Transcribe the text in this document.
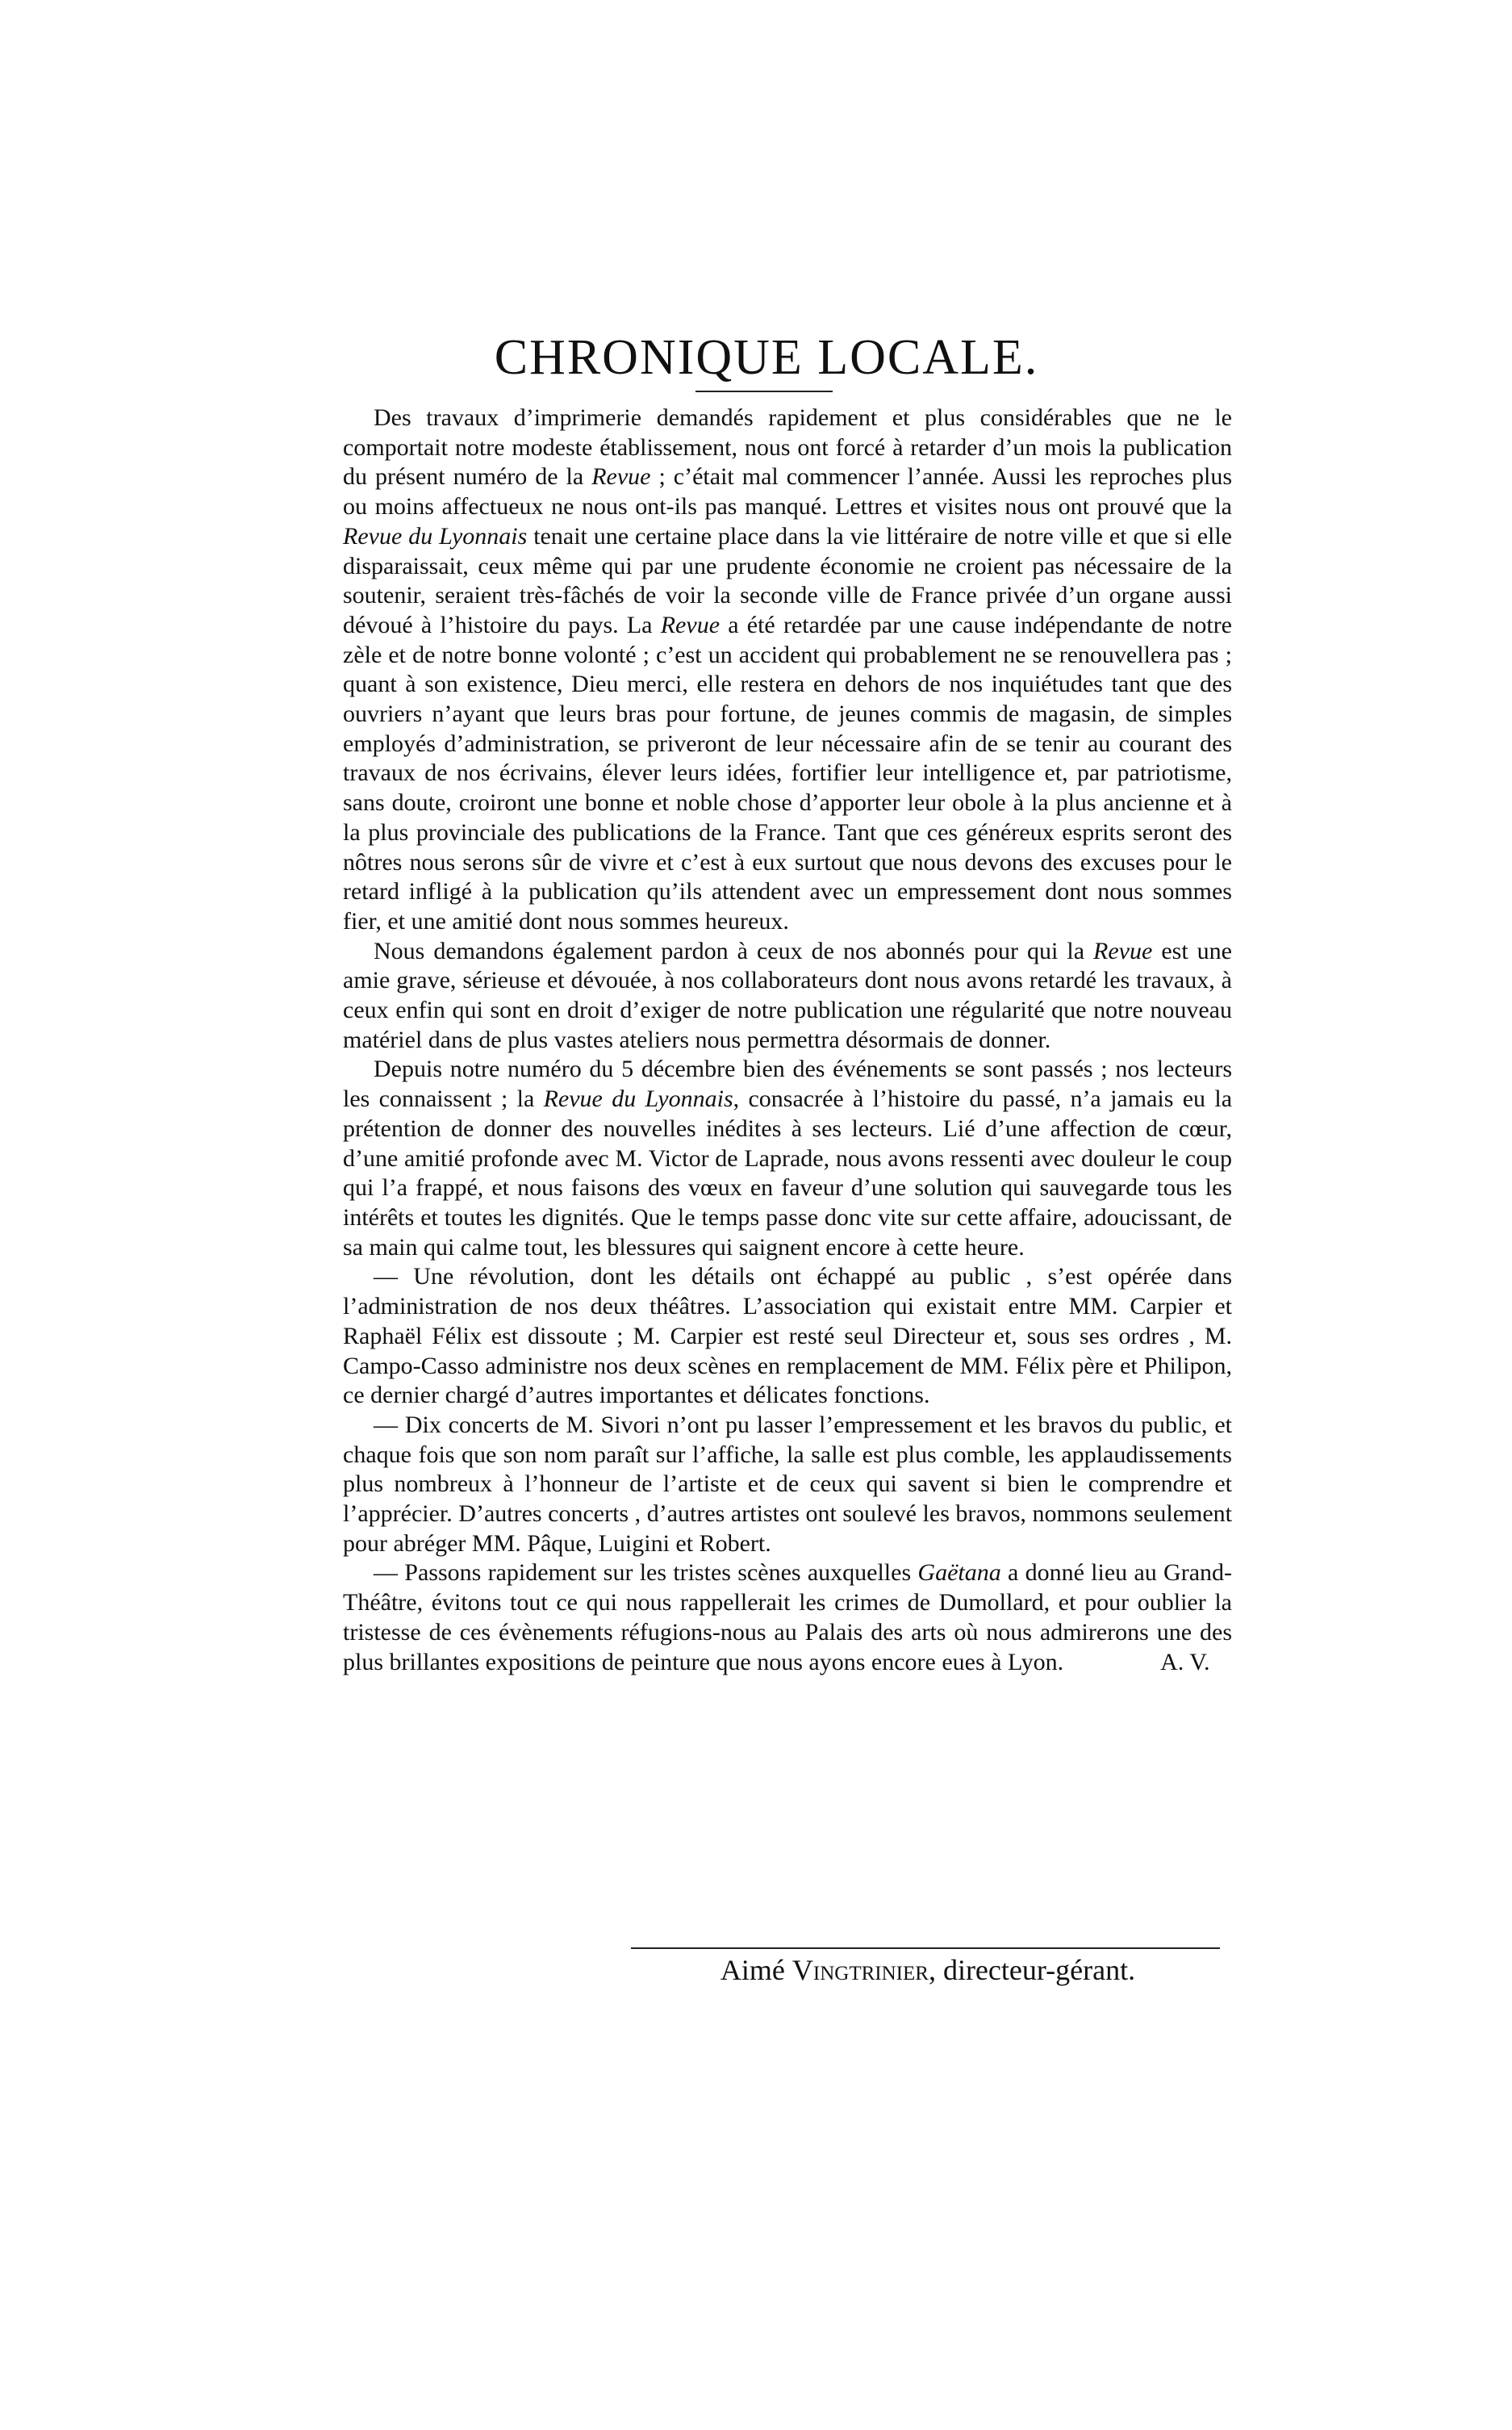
CHRONIQUE LOCALE.

Des travaux d’imprimerie demandés rapidement et plus considérables que ne le comportait notre modeste établissement, nous ont forcé à retarder d’un mois la publication du présent numéro de la Revue ; c’était mal commencer l’année. Aussi les reproches plus ou moins affectueux ne nous ont-ils pas manqué. Lettres et visites nous ont prouvé que la Revue du Lyonnais tenait une certaine place dans la vie littéraire de notre ville et que si elle disparaissait, ceux même qui par une prudente économie ne croient pas nécessaire de la soutenir, seraient très-fâchés de voir la seconde ville de France privée d’un organe aussi dévoué à l’histoire du pays. La Revue a été retardée par une cause indépendante de notre zèle et de notre bonne volonté ; c’est un accident qui probablement ne se renouvellera pas ; quant à son existence, Dieu merci, elle restera en dehors de nos inquiétudes tant que des ouvriers n’ayant que leurs bras pour fortune, de jeunes commis de magasin, de simples employés d’administration, se priveront de leur nécessaire afin de se tenir au courant des travaux de nos écrivains, élever leurs idées, fortifier leur intelligence et, par patriotisme, sans doute, croiront une bonne et noble chose d’apporter leur obole à la plus ancienne et à la plus provinciale des publications de la France. Tant que ces généreux esprits seront des nôtres nous serons sûr de vivre et c’est à eux surtout que nous devons des excuses pour le retard infligé à la publication qu’ils attendent avec un empressement dont nous sommes fier, et une amitié dont nous sommes heureux.

Nous demandons également pardon à ceux de nos abonnés pour qui la Revue est une amie grave, sérieuse et dévouée, à nos collaborateurs dont nous avons retardé les travaux, à ceux enfin qui sont en droit d’exiger de notre publication une régularité que notre nouveau matériel dans de plus vastes ateliers nous permettra désormais de donner.

Depuis notre numéro du 5 décembre bien des événements se sont passés ; nos lecteurs les connaissent ; la Revue du Lyonnais, consacrée à l’histoire du passé, n’a jamais eu la prétention de donner des nouvelles inédites à ses lecteurs. Lié d’une affection de cœur, d’une amitié profonde avec M. Victor de Laprade, nous avons ressenti avec douleur le coup qui l’a frappé, et nous faisons des vœux en faveur d’une solution qui sauvegarde tous les intérêts et toutes les dignités. Que le temps passe donc vite sur cette affaire, adoucissant, de sa main qui calme tout, les blessures qui saignent encore à cette heure.

— Une révolution, dont les détails ont échappé au public , s’est opérée dans l’administration de nos deux théâtres. L’association qui existait entre MM. Carpier et Raphaël Félix est dissoute ; M. Carpier est resté seul Directeur et, sous ses ordres , M. Campo-Casso administre nos deux scènes en remplacement de MM. Félix père et Philipon, ce dernier chargé d’autres importantes et délicates fonctions.

— Dix concerts de M. Sivori n’ont pu lasser l’empressement et les bravos du public, et chaque fois que son nom paraît sur l’affiche, la salle est plus comble, les applaudissements plus nombreux à l’honneur de l’artiste et de ceux qui savent si bien le comprendre et l’apprécier. D’autres concerts , d’autres artistes ont soulevé les bravos, nommons seulement pour abréger MM. Pâque, Luigini et Robert.

— Passons rapidement sur les tristes scènes auxquelles Gaëtana a donné lieu au Grand-Théâtre, évitons tout ce qui nous rappellerait les crimes de Dumollard, et pour oublier la tristesse de ces évènements réfugions-nous au Palais des arts où nous admirerons une des plus brillantes expositions de peinture que nous ayons encore eues à Lyon.                A. V.

Aimé Vingtrinier, directeur-gérant.
